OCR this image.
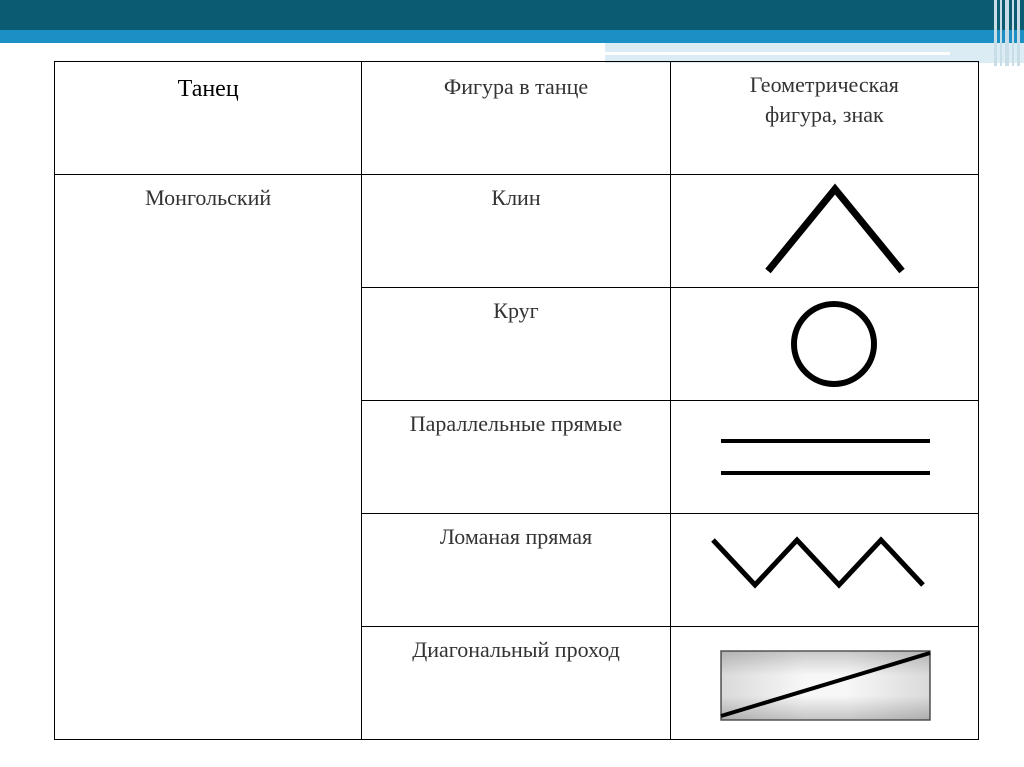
Танец	Фигура в танце	Геометрическая
фигура, знак

Монгольский	Клин

	Круг

	Параллельные прямые

	Ломаная прямая

	Диагональный проход
